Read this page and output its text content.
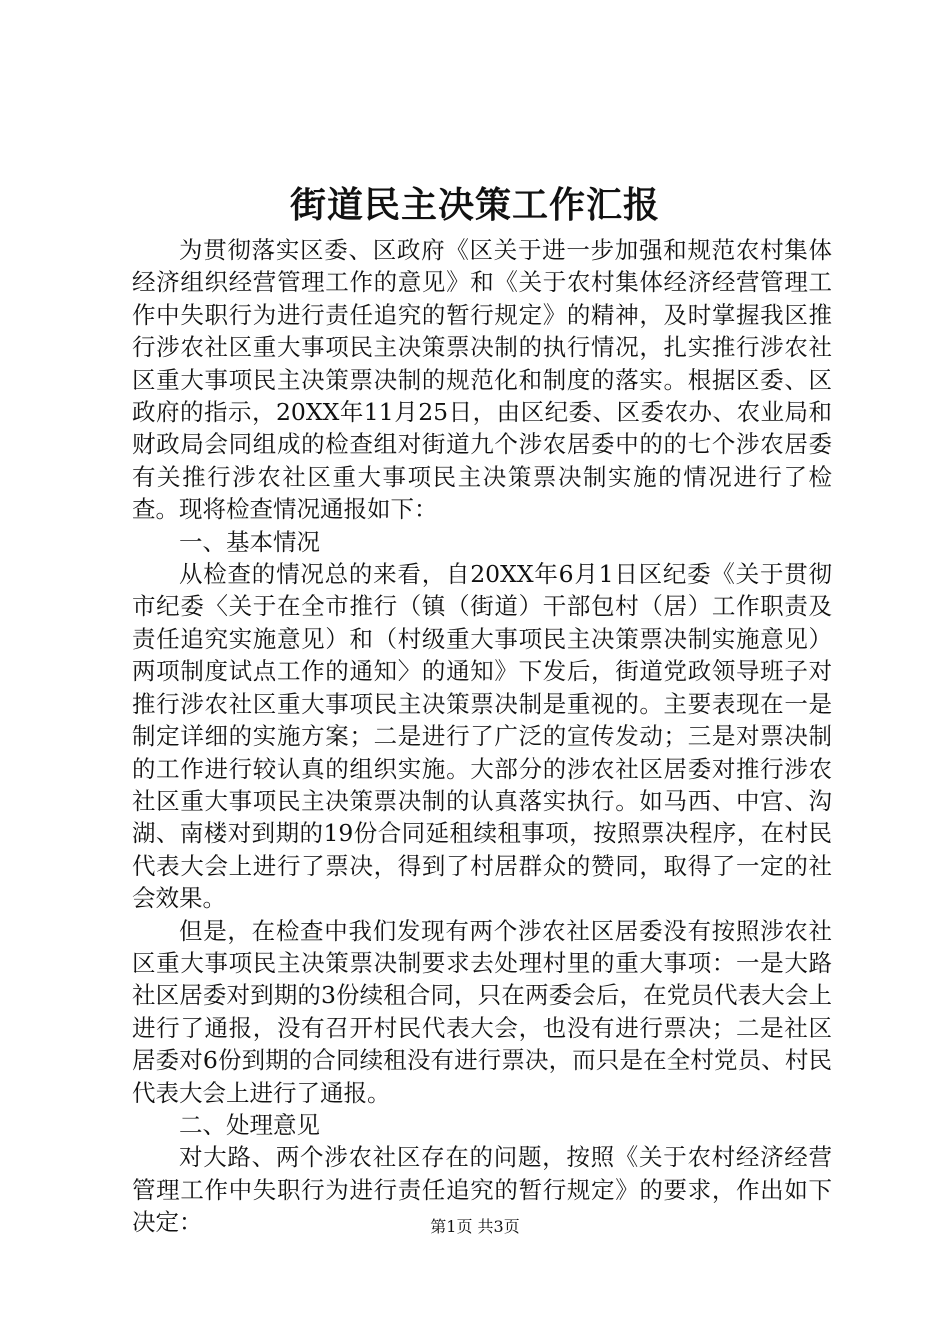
街道民主决策工作汇报

为贯彻落实区委、区政府《区关于进一步加强和规范农村集体经济组织经营管理工作的意见》和《关于农村集体经济经营管理工作中失职行为进行责任追究的暂行规定》的精神，及时掌握我区推行涉农社区重大事项民主决策票决制的执行情况，扎实推行涉农社区重大事项民主决策票决制的规范化和制度的落实。根据区委、区政府的指示，20XX年11月25日，由区纪委、区委农办、农业局和财政局会同组成的检查组对街道九个涉农居委中的的七个涉农居委有关推行涉农社区重大事项民主决策票决制实施的情况进行了检查。现将检查情况通报如下：

一、基本情况

从检查的情况总的来看，自20XX年6月1日区纪委《关于贯彻市纪委〈关于在全市推行（镇（街道）干部包村（居）工作职责及责任追究实施意见）和（村级重大事项民主决策票决制实施意见）两项制度试点工作的通知〉的通知》下发后，街道党政领导班子对推行涉农社区重大事项民主决策票决制是重视的。主要表现在一是制定详细的实施方案；二是进行了广泛的宣传发动；三是对票决制的工作进行较认真的组织实施。大部分的涉农社区居委对推行涉农社区重大事项民主决策票决制的认真落实执行。如马西、中宫、沟湖、南楼对到期的19份合同延租续租事项，按照票决程序，在村民代表大会上进行了票决，得到了村居群众的赞同，取得了一定的社会效果。

但是，在检查中我们发现有两个涉农社区居委没有按照涉农社区重大事项民主决策票决制要求去处理村里的重大事项：一是大路社区居委对到期的3份续租合同，只在两委会后，在党员代表大会上进行了通报，没有召开村民代表大会，也没有进行票决；二是社区居委对6份到期的合同续租没有进行票决，而只是在全村党员、村民代表大会上进行了通报。

二、处理意见

对大路、两个涉农社区存在的问题，按照《关于农村经济经营管理工作中失职行为进行责任追究的暂行规定》的要求，作出如下决定：	第1页 共3页
